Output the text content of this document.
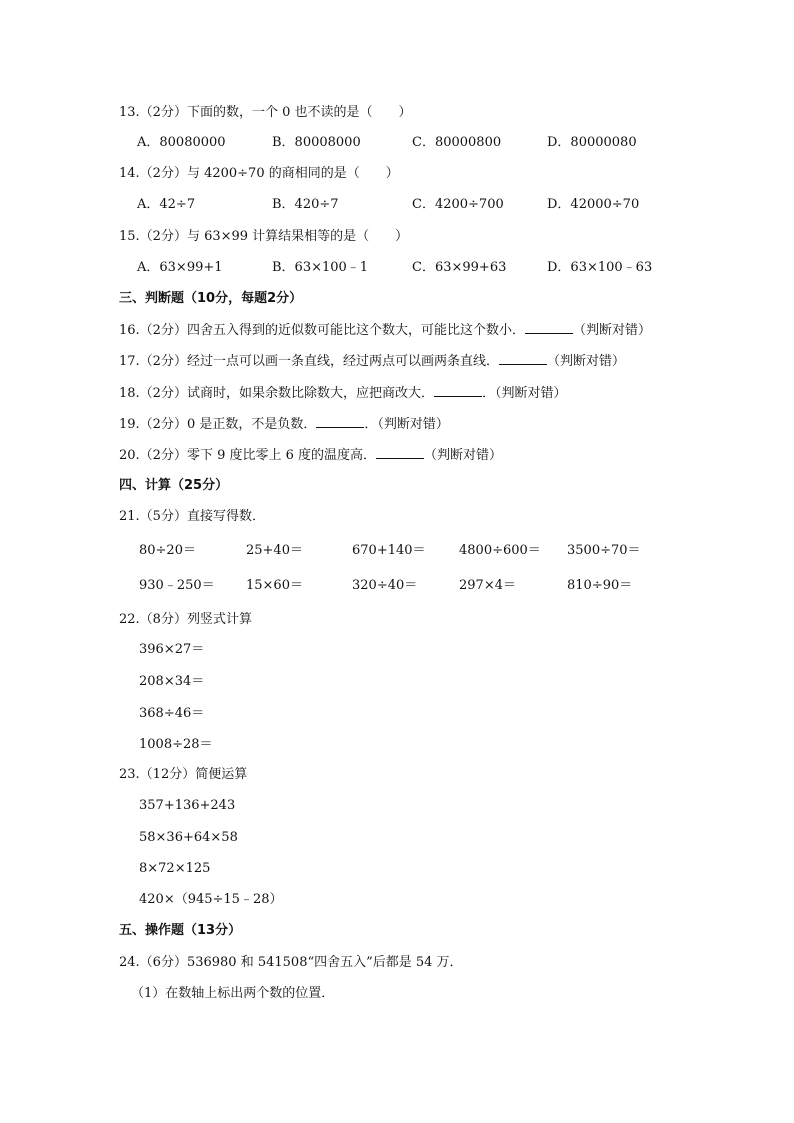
13.（2分）下面的数，一个 0 也不读的是（　　）
A．80080000	B．80008000	C．80000800	D．80000080
14.（2分）与 4200÷70 的商相同的是（　　）
A．42÷7	B．420÷7	C．4200÷700	D．42000÷70
15.（2分）与 63×99 计算结果相等的是（　　）
A．63×99+1	B．63×100﹣1	C．63×99+63	D．63×100﹣63
三、判断题（10分，每题2分）
16.（2分）四舍五入得到的近似数可能比这个数大，可能比这个数小．	（判断对错）
17.（2分）经过一点可以画一条直线，经过两点可以画两条直线．	（判断对错）
18.（2分）试商时，如果余数比除数大，应把商改大．	．（判断对错）
19.（2分）0 是正数，不是负数．	．（判断对错）
20.（2分）零下 9 度比零上 6 度的温度高．	（判断对错）
四、计算（25分）
21.（5分）直接写得数．
80÷20＝	25+40＝	670+140＝	4800÷600＝ 3500÷70＝
930﹣250＝ 15×60＝	320÷40＝	297×4＝	810÷90＝
22.（8分）列竖式计算
396×27＝
208×34＝
368÷46＝
1008÷28＝
23.（12分）简便运算
357+136+243
58×36+64×58
8×72×125
420×（945÷15﹣28）
五、操作题（13分）
24.（6分）536980 和 541508“四舍五入”后都是 54 万．
（1）在数轴上标出两个数的位置．
